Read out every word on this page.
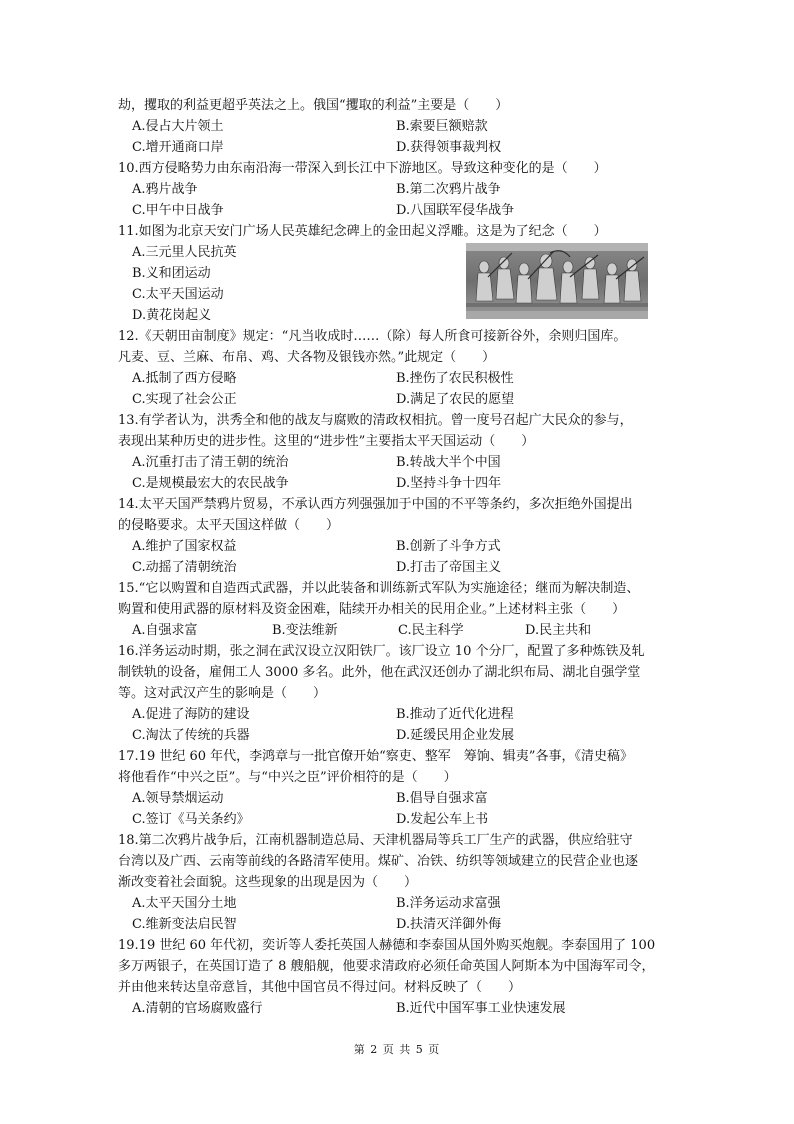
劫，攫取的利益更超乎英法之上。俄国“攫取的利益”主要是（　　）
A.侵占大片领土	B.索要巨额赔款
C.增开通商口岸	D.获得领事裁判权
10.西方侵略势力由东南沿海一带深入到长江中下游地区。导致这种变化的是（　　）
A.鸦片战争	B.第二次鸦片战争
C.甲午中日战争	D.八国联军侵华战争
11.如图为北京天安门广场人民英雄纪念碑上的金田起义浮雕。这是为了纪念（　　）
A.三元里人民抗英
B.义和团运动
C.太平天国运动
D.黄花岗起义
12.《天朝田亩制度》规定：“凡当收成时……（除）每人所食可接新谷外，余则归国库。
凡麦、豆、兰麻、布帛、鸡、犬各物及银钱亦然。”此规定（　　）
A.抵制了西方侵略	B.挫伤了农民积极性
C.实现了社会公正	D.满足了农民的愿望
13.有学者认为，洪秀全和他的战友与腐败的清政权相抗。曾一度号召起广大民众的参与，
表现出某种历史的进步性。这里的“进步性”主要指太平天国运动（　　）
A.沉重打击了清王朝的统治	B.转战大半个中国
C.是规模最宏大的农民战争	D.坚持斗争十四年
14.太平天国严禁鸦片贸易，不承认西方列强强加于中国的不平等条约，多次拒绝外国提出
的侵略要求。太平天国这样做（　　）
A.维护了国家权益	B.创新了斗争方式
C.动摇了清朝统治	D.打击了帝国主义
15.“它以购置和自造西式武器，并以此装备和训练新式军队为实施途径；继而为解决制造、
购置和使用武器的原材料及资金困难，陆续开办相关的民用企业。”上述材料主张（　　）
A.自强求富	B.变法维新	C.民主科学	D.民主共和
16.洋务运动时期，张之洞在武汉设立汉阳铁厂。该厂设立 10 个分厂，配置了多种炼铁及轧
制铁轨的设备，雇佣工人 3000 多名。此外，他在武汉还创办了湖北织布局、湖北自强学堂
等。这对武汉产生的影响是（　　）
A.促进了海防的建设	B.推动了近代化进程
C.淘汰了传统的兵器	D.延缓民用企业发展
17.19 世纪 60 年代，李鸿章与一批官僚开始“察吏、整军　筹饷、辑夷”各事，《清史稿》
将他看作“中兴之臣”。与“中兴之臣”评价相符的是（　　）
A.领导禁烟运动	B.倡导自强求富
C.签订《马关条约》	D.发起公车上书
18.第二次鸦片战争后，江南机器制造总局、天津机器局等兵工厂生产的武器，供应给驻守
台湾以及广西、云南等前线的各路清军使用。煤矿、冶铁、纺织等领域建立的民营企业也逐
渐改变着社会面貌。这些现象的出现是因为（　　）
A.太平天国分土地	B.洋务运动求富强
C.维新变法启民智	D.扶清灭洋御外侮
19.19 世纪 60 年代初，奕䜣等人委托英国人赫德和李泰国从国外购买炮舰。李泰国用了 100
多万两银子，在英国订造了 8 艘船舰，他要求清政府必须任命英国人阿斯本为中国海军司令，
并由他来转达皇帝意旨，其他中国官员不得过问。材料反映了（　　）
A.清朝的官场腐败盛行	B.近代中国军事工业快速发展
第 2 页 共 5 页
